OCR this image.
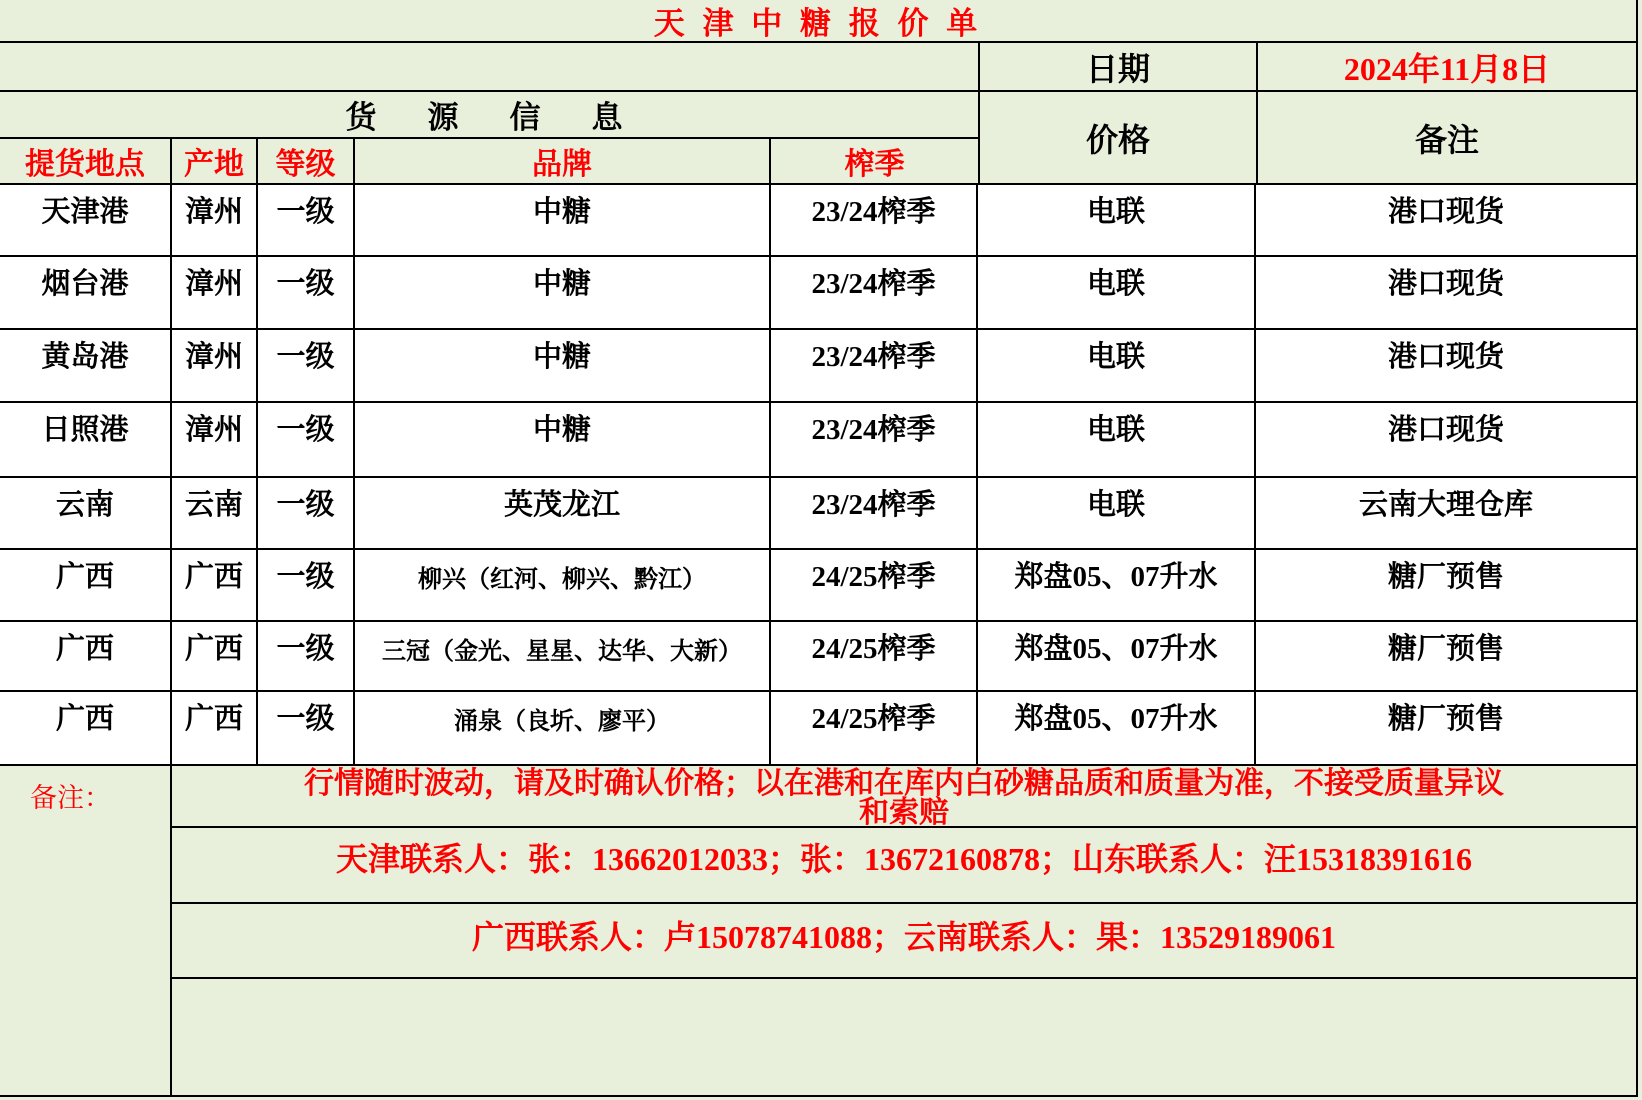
天 津 中 糖 报 价 单
日期	2024年11月8日
货　源　信　息
提货地点	产地	等级	品牌	榨季
价格	备注
天津港	漳州	一级	中糖	23/24榨季	电联	港口现货
烟台港	漳州	一级	中糖	23/24榨季	电联	港口现货
黄岛港	漳州	一级	中糖	23/24榨季	电联	港口现货
日照港	漳州	一级	中糖	23/24榨季	电联	港口现货
云南	云南	一级	英茂龙江	23/24榨季	电联	云南大理仓库
广西	广西	一级	柳兴（红河、柳兴、黔江）	24/25榨季	郑盘05、07升水	糖厂预售
广西	广西	一级	三冠（金光、星星、达华、大新）	24/25榨季	郑盘05、07升水	糖厂预售
广西	广西	一级	涌泉（良圻、廖平）	24/25榨季	郑盘05、07升水	糖厂预售
备注：	行情随时波动，请及时确认价格；以在港和在库内白砂糖品质和质量为准，不接受质量异议
和索赔
天津联系人：张：13662012033；张：13672160878；山东联系人：汪15318391616
广西联系人：卢15078741088；云南联系人：果：13529189061
